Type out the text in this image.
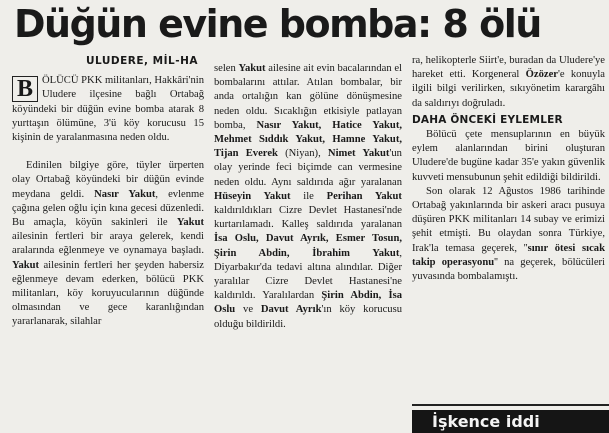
Düğün evine bomba: 8 ölü
ULUDERE, MİL-HA

B ÖLÜCÜ PKK militanları, Hakkâri'nin Uludere ilçesine bağlı Ortabağ köyündeki bir düğün evine bomba atarak 8 yurttaşın ölümüne, 3'ü köy korucusu 15 kişinin de yaralanmasına neden oldu.

Edinilen bilgiye göre, tüyler ürperten olay Ortabağ köyündeki bir düğün evinde meydana geldi. Nasır Yakut, evlenme çağına gelen oğlu için kına gecesi düzenledi. Bu amaçla, köyün sakinleri ile Yakut ailesinin fertleri bir araya gelerek, kendi aralarında eğlenmeye ve oynamaya başladı. Yakut ailesinin fertleri her şeyden habersiz eğlenmeye devam ederken, bölücü PKK militanları, köy koruyucularının düğünde olmasından ve gece karanlığından yararlanarak, silahlar

selen Yakut ailesine ait evin bacalarından el bombalarını attılar. Atılan bombalar, bir anda ortalığın kan gölüne dönüşmesine neden oldu. Sıcaklığın etkisiyle patlayan bomba, Nasır Yakut, Hatice Yakut, Mehmet Sıddık Yakut, Hamne Yakut, Tijan Everek (Niyan), Nimet Yakut'un olay yerinde feci biçimde can vermesine neden oldu. Aynı saldırıda ağır yaralanan Hüseyin Yakut ile Perihan Yakut kaldırıldıkları Cizre Devlet Hastanesi'nde kurtarılamadı. Kalleş saldırıda yaralanan İsa Oslu, Davut Ayrık, Esmer Tosun, Şirin Abdin, İbrahim Yakut, Diyarbakır'da tedavi altına alındılar. Diğer yaralılar Cizre Devlet Hastanesi'ne kaldırıldı. Yaralılardan Şirin Abdin, İsa Oslu ve Davut Ayrık'ın köy korucusu olduğu bildirildi.

ra, helikopterle Siirt'e, buradan da Uludere'ye hareket etti. Korgeneral Özözer'e konuyla ilgili bilgi verilirken, sıkıyönetim karargâhı da saldırıyı doğruladı.

DAHA ÖNCEKİ EYLEMLER

Bölücü çete mensuplarının en büyük eylem alanlarından birini oluşturan Uludere'de bugüne kadar 35'e yakın güvenlik kuvveti mensubunun şehit edildiği bildirildi.

Son olarak 12 Ağustos 1986 tarihinde Ortabağ yakınlarında bir askeri aracı pusuya düşüren PKK militanları 14 subay ve erimizi şehit etmişti. Bu olaydan sonra Türkiye, Irak'la temasa geçerek, ''sınır ötesi sıcak takip operasyonu'' na geçerek, bölücüleri yuvasında bombalamıştı.

İşkence iddi
